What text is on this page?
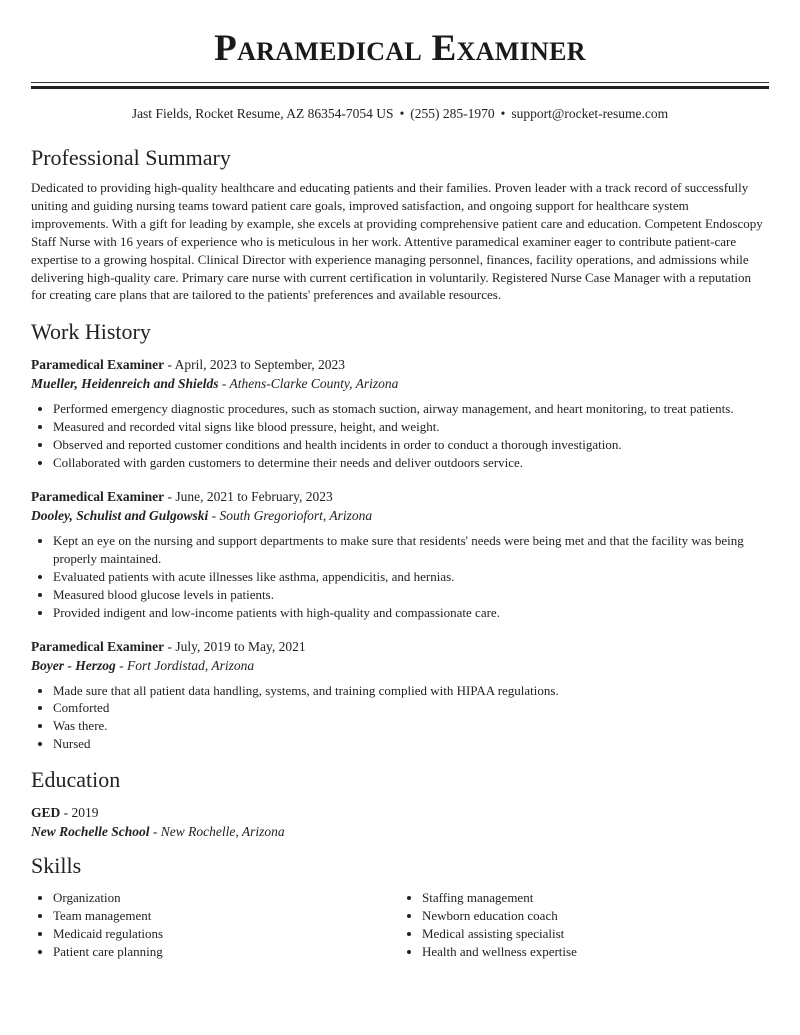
Paramedical Examiner
Jast Fields, Rocket Resume, AZ 86354-7054 US • (255) 285-1970 • support@rocket-resume.com
Professional Summary

Dedicated to providing high-quality healthcare and educating patients and their families. Proven leader with a track record of successfully uniting and guiding nursing teams toward patient care goals, improved satisfaction, and ongoing support for healthcare system improvements. With a gift for leading by example, she excels at providing comprehensive patient care and education. Competent Endoscopy Staff Nurse with 16 years of experience who is meticulous in her work. Attentive paramedical examiner eager to contribute patient-care expertise to a growing hospital. Clinical Director with experience managing personnel, finances, facility operations, and admissions while delivering high-quality care. Primary care nurse with current certification in voluntarily. Registered Nurse Case Manager with a reputation for creating care plans that are tailored to the patients' preferences and available resources.

Work History
Paramedical Examiner - April, 2023 to September, 2023
Mueller, Heidenreich and Shields - Athens-Clarke County, Arizona
• Performed emergency diagnostic procedures, such as stomach suction, airway management, and heart monitoring, to treat patients.
• Measured and recorded vital signs like blood pressure, height, and weight.
• Observed and reported customer conditions and health incidents in order to conduct a thorough investigation.
• Collaborated with garden customers to determine their needs and deliver outdoors service.
Paramedical Examiner - June, 2021 to February, 2023
Dooley, Schulist and Gulgowski - South Gregoriofort, Arizona
• Kept an eye on the nursing and support departments to make sure that residents' needs were being met and that the facility was being properly maintained.
• Evaluated patients with acute illnesses like asthma, appendicitis, and hernias.
• Measured blood glucose levels in patients.
• Provided indigent and low-income patients with high-quality and compassionate care.
Paramedical Examiner - July, 2019 to May, 2021
Boyer - Herzog - Fort Jordistad, Arizona
• Made sure that all patient data handling, systems, and training complied with HIPAA regulations.
• Comforted
• Was there.
• Nursed
Education
GED - 2019
New Rochelle School - New Rochelle, Arizona
Skills
• Organization
• Team management
• Medicaid regulations
• Patient care planning
• Staffing management
• Newborn education coach
• Medical assisting specialist
• Health and wellness expertise
